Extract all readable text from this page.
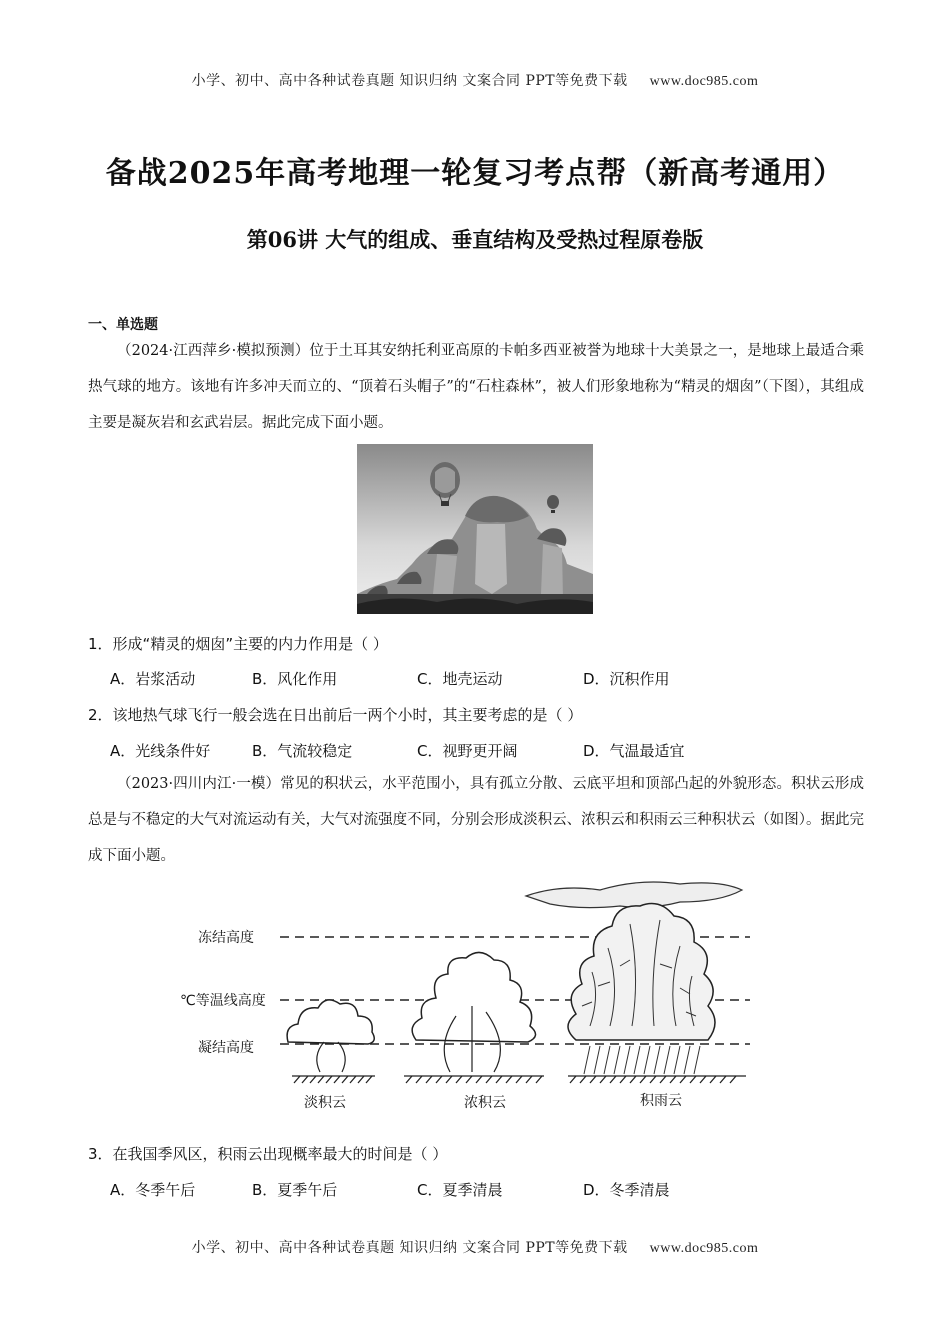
小学、初中、高中各种试卷真题 知识归纳 文案合同 PPT等免费下载 www.doc985.com
备战2025年高考地理一轮复习考点帮（新高考通用）
第06讲 大气的组成、垂直结构及受热过程原卷版
一、单选题

（2024·江西萍乡·模拟预测）位于土耳其安纳托利亚高原的卡帕多西亚被誉为地球十大美景之一，是地球上最适合乘热气球的地方。该地有许多冲天而立的、“顶着石头帽子”的“石柱森林”，被人们形象地称为“精灵的烟囱”（下图），其组成主要是凝灰岩和玄武岩层。据此完成下面小题。

1．形成“精灵的烟囱”主要的内力作用是（ ）
A．岩浆活动	B．风化作用	C．地壳运动	D．沉积作用
2．该地热气球飞行一般会选在日出前后一两个小时，其主要考虑的是（ ）
A．光线条件好	B．气流较稳定	C．视野更开阔	D．气温最适宜

（2023·四川内江·一模）常见的积状云，水平范围小，具有孤立分散、云底平坦和顶部凸起的外貌形态。积状云形成总是与不稳定的大气对流运动有关，大气对流强度不同，分别会形成淡积云、浓积云和积雨云三种积状云（如图）。据此完成下面小题。

冻结高度
℃等温线高度
凝结高度
淡积云	浓积云	积雨云
3．在我国季风区，积雨云出现概率最大的时间是（ ）
A．冬季午后	B．夏季午后	C．夏季清晨	D．冬季清晨
小学、初中、高中各种试卷真题 知识归纳 文案合同 PPT等免费下载 www.doc985.com
